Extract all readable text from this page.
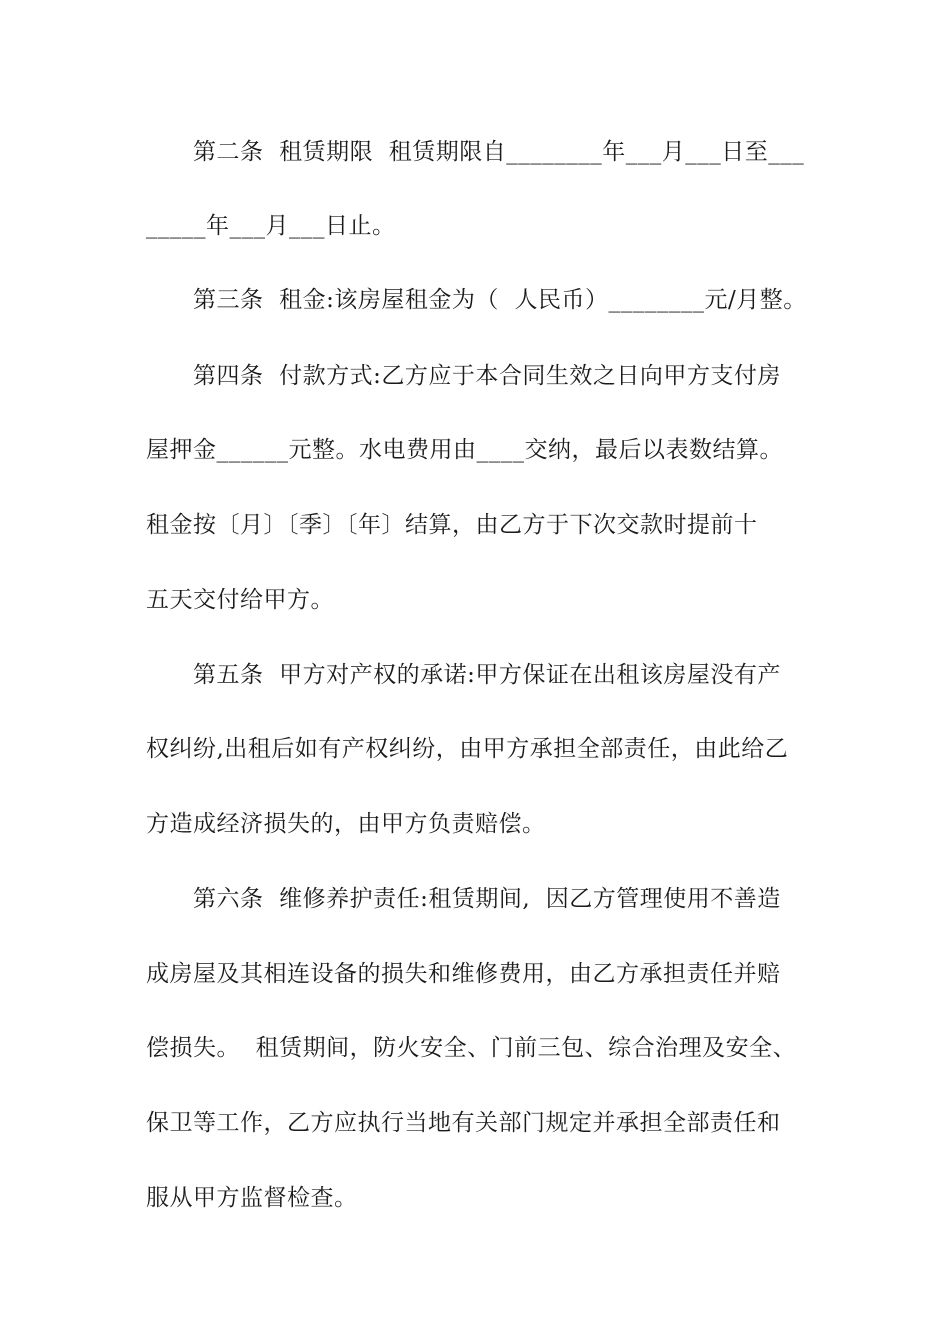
第二条  租赁期限  租赁期限自________年___月___日至___
_____年___月___日止。
第三条  租金:该房屋租金为（  人民币）________元/月整。
第四条  付款方式:乙方应于本合同生效之日向甲方支付房
屋押金______元整。水电费用由____交纳，最后以表数结算。
租金按〔月〕〔季〕〔年〕结算，由乙方于下次交款时提前十
五天交付给甲方。
第五条  甲方对产权的承诺:甲方保证在出租该房屋没有产
权纠纷,出租后如有产权纠纷，由甲方承担全部责任，由此给乙
方造成经济损失的，由甲方负责赔偿。
第六条  维修养护责任:租赁期间,  因乙方管理使用不善造
成房屋及其相连设备的损失和维修费用，由乙方承担责任并赔
偿损失。  租赁期间，防火安全、门前三包、综合治理及安全、
保卫等工作，乙方应执行当地有关部门规定并承担全部责任和
服从甲方监督检查。
